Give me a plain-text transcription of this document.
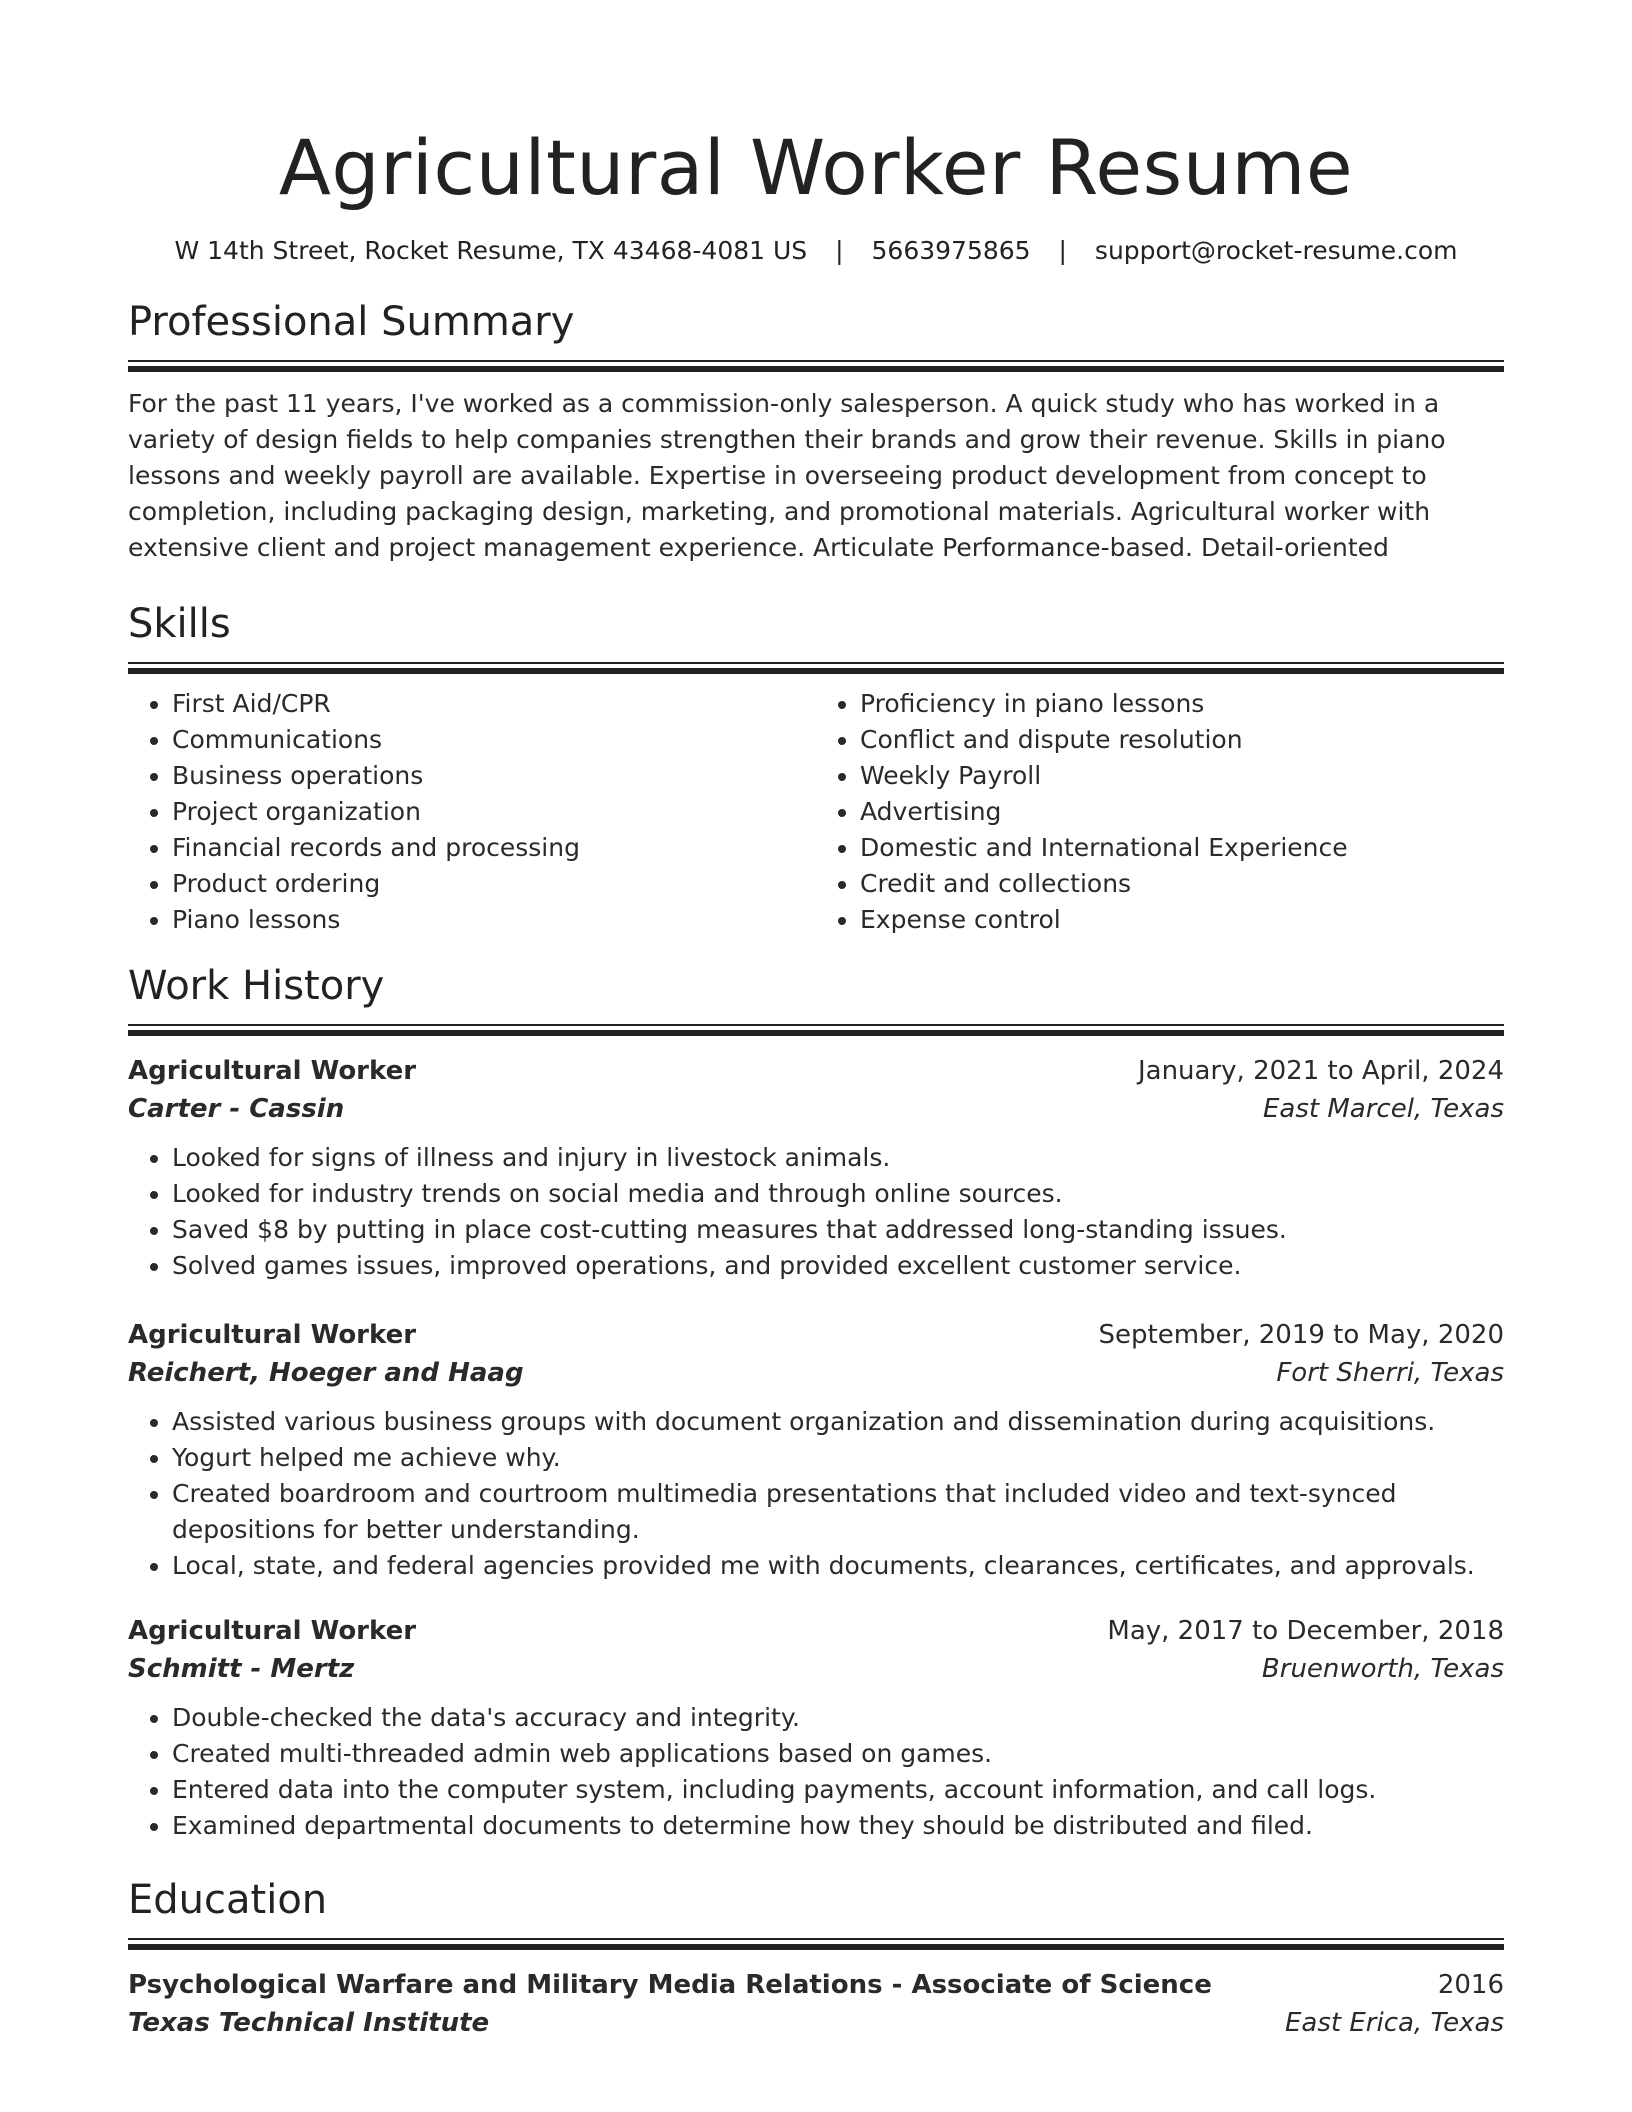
Agricultural Worker Resume
W 14th Street, Rocket Resume, TX 43468-4081 US | 5663975865 | support@rocket-resume.com
Professional Summary

For the past 11 years, I've worked as a commission-only salesperson. A quick study who has worked in a variety of design fields to help companies strengthen their brands and grow their revenue. Skills in piano lessons and weekly payroll are available. Expertise in overseeing product development from concept to completion, including packaging design, marketing, and promotional materials. Agricultural worker with extensive client and project management experience. Articulate Performance-based. Detail-oriented

Skills
• First Aid/CPR
• Communications
• Business operations
• Project organization
• Financial records and processing
• Product ordering
• Piano lessons
• Proficiency in piano lessons
• Conflict and dispute resolution
• Weekly Payroll
• Advertising
• Domestic and International Experience
• Credit and collections
• Expense control
Work History
Agricultural Worker	January, 2021 to April, 2024
Carter - Cassin	East Marcel, Texas
• Looked for signs of illness and injury in livestock animals.
• Looked for industry trends on social media and through online sources.
• Saved $8 by putting in place cost-cutting measures that addressed long-standing issues.
• Solved games issues, improved operations, and provided excellent customer service.
Agricultural Worker	September, 2019 to May, 2020
Reichert, Hoeger and Haag	Fort Sherri, Texas
• Assisted various business groups with document organization and dissemination during acquisitions.
• Yogurt helped me achieve why.
• Created boardroom and courtroom multimedia presentations that included video and text-synced depositions for better understanding.
• Local, state, and federal agencies provided me with documents, clearances, certificates, and approvals.
Agricultural Worker	May, 2017 to December, 2018
Schmitt - Mertz	Bruenworth, Texas
• Double-checked the data's accuracy and integrity.
• Created multi-threaded admin web applications based on games.
• Entered data into the computer system, including payments, account information, and call logs.
• Examined departmental documents to determine how they should be distributed and filed.
Education
Psychological Warfare and Military Media Relations - Associate of Science	2016
Texas Technical Institute	East Erica, Texas
